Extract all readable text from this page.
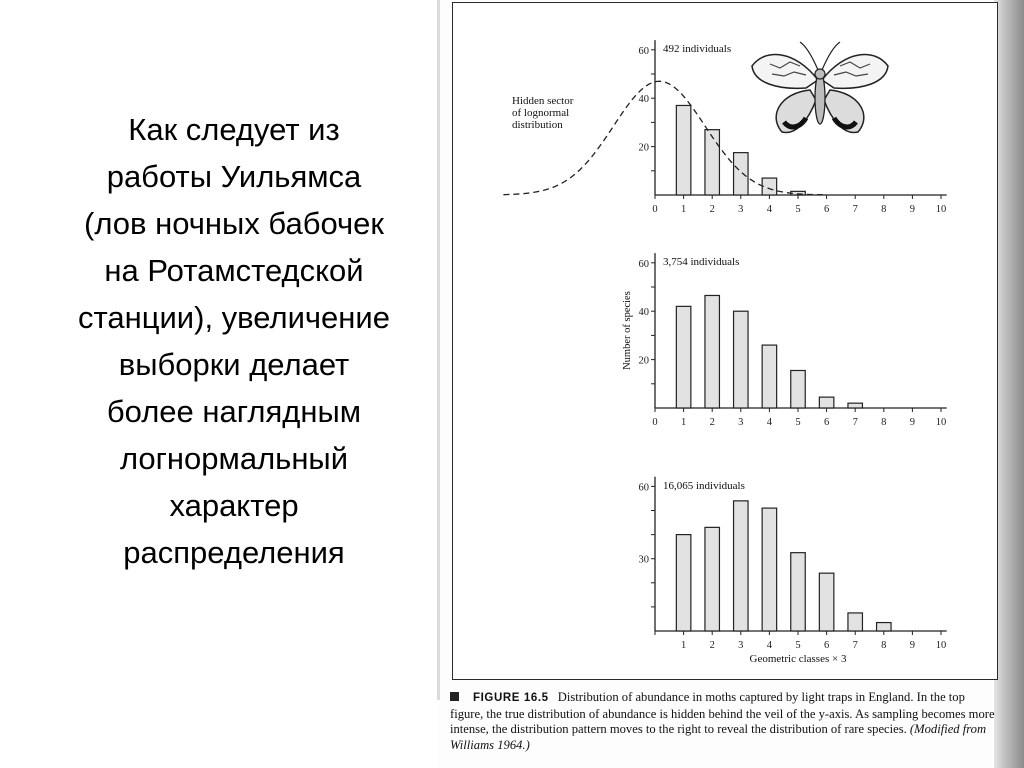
Как следует из
работы Уильямса
(лов ночных бабочек
на Ротамстедской
станции), увеличение
выборки делает
более наглядным
логнормальный
характер
распределения
20
40
60
0 1 2 3 4 5 6 7 8 9 10
492 individuals
Hidden sector of lognormal distribution
20
40
60
0 1 2 3 4 5 6 7 8 9 10
3,754 individuals
Number of species
30
60
1 2 3 4 5 6 7 8 9 10
16,065 individuals
Geometric classes × 3
FIGURE 16.5 Distribution of abundance in moths captured by light traps in England. In the top figure, the true distribution of abundance is hidden behind the veil of the y-axis. As sampling becomes more intense, the distribution pattern moves to the right to reveal the distribution of rare species. (Modified from Williams 1964.)
